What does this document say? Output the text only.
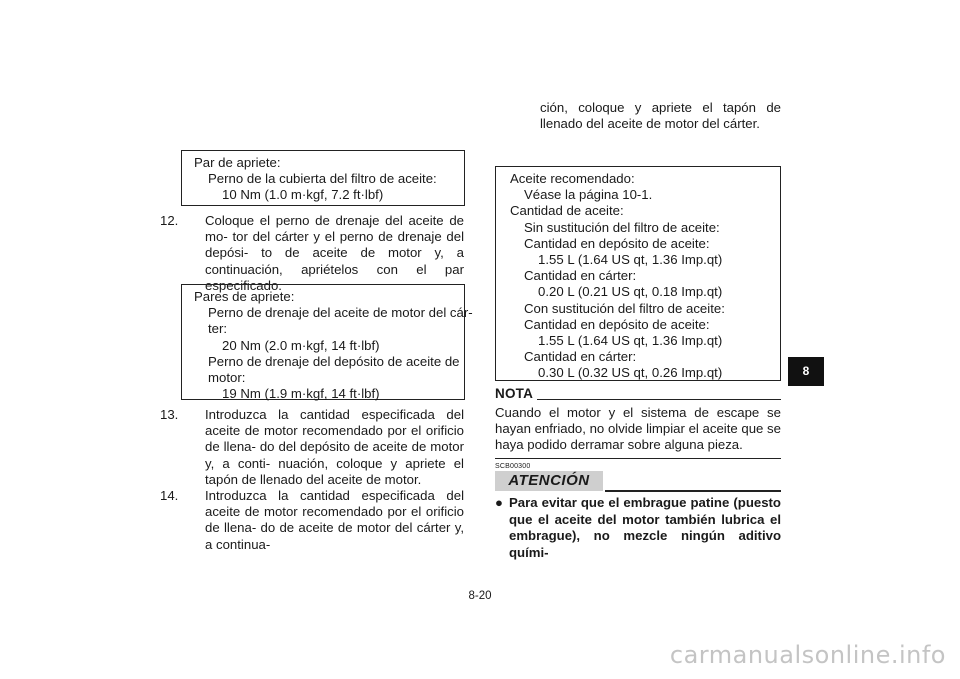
Par de apriete:
Perno de la cubierta del filtro de aceite:
10 Nm (1.0 m·kgf, 7.2 ft·lbf)
12. Coloque el perno de drenaje del aceite de mo- tor del cárter y el perno de drenaje del depósi- to de aceite de motor y, a continuación, apriételos con el par especificado.
Pares de apriete:
Perno de drenaje del aceite de motor del cár-
ter:
20 Nm (2.0 m·kgf, 14 ft·lbf)
Perno de drenaje del depósito de aceite de
motor:
19 Nm (1.9 m·kgf, 14 ft·lbf)
13. Introduzca la cantidad especificada del aceite de motor recomendado por el orificio de llena- do del depósito de aceite de motor y, a conti- nuación, coloque y apriete el tapón de llenado del aceite de motor.
14. Introduzca la cantidad especificada del aceite de motor recomendado por el orificio de llena- do de aceite de motor del cárter y, a continua-
ción, coloque y apriete el tapón de llenado del aceite de motor del cárter.
Aceite recomendado:
Véase la página 10-1.
Cantidad de aceite:
Sin sustitución del filtro de aceite:
Cantidad en depósito de aceite:
1.55 L (1.64 US qt, 1.36 Imp.qt)
Cantidad en cárter:
0.20 L (0.21 US qt, 0.18 Imp.qt)
Con sustitución del filtro de aceite:
Cantidad en depósito de aceite:
1.55 L (1.64 US qt, 1.36 Imp.qt)
Cantidad en cárter:
0.30 L (0.32 US qt, 0.26 Imp.qt)
NOTA
Cuando el motor y el sistema de escape se hayan enfriado, no olvide limpiar el aceite que se haya podido derramar sobre alguna pieza.
SCB00300
ATENCIÓN
● Para evitar que el embrague patine (puesto que el aceite del motor también lubrica el embrague), no mezcle ningún aditivo quími-
8
8-20
carmanualsonline.info
